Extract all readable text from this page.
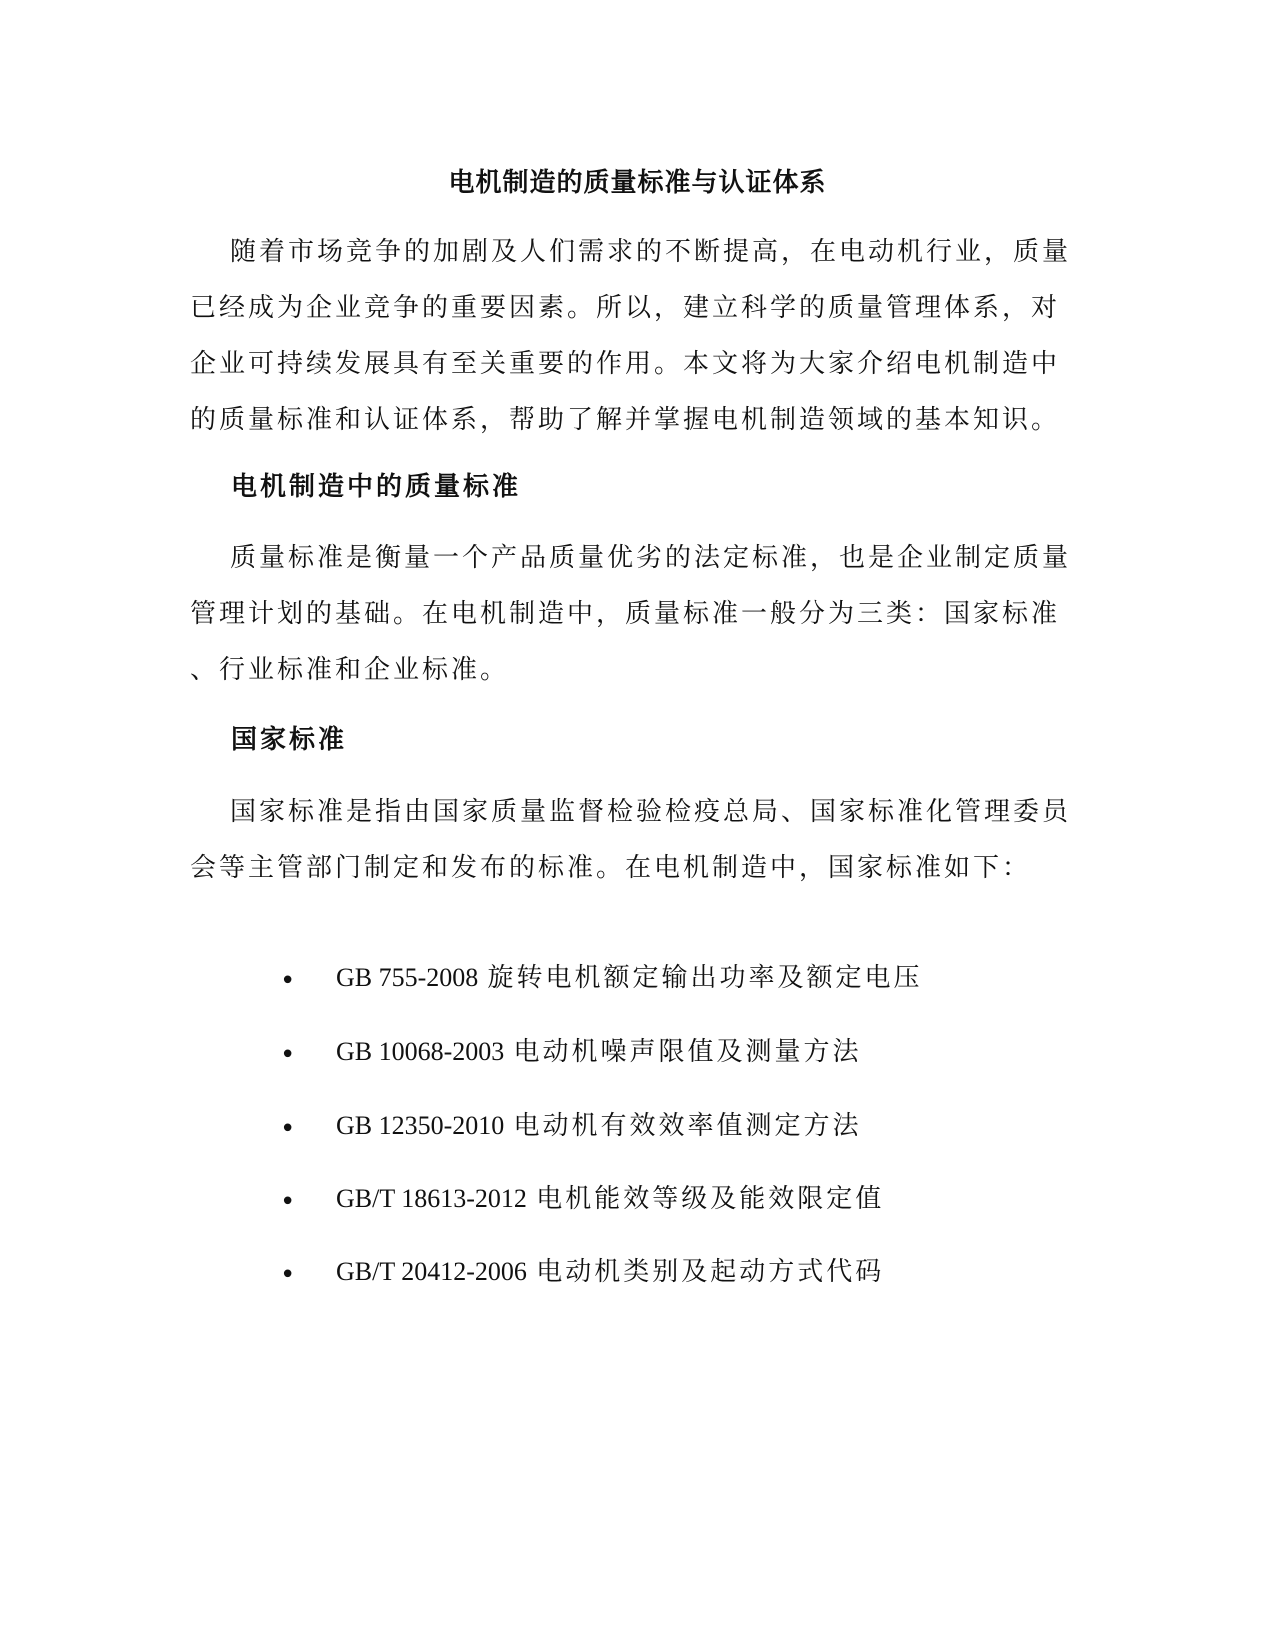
电机制造的质量标准与认证体系

随着市场竞争的加剧及人们需求的不断提高，在电动机行业，质量
已经成为企业竞争的重要因素。所以，建立科学的质量管理体系，对
企业可持续发展具有至关重要的作用。本文将为大家介绍电机制造中
的质量标准和认证体系，帮助了解并掌握电机制造领域的基本知识。

电机制造中的质量标准

质量标准是衡量一个产品质量优劣的法定标准，也是企业制定质量
管理计划的基础。在电机制造中，质量标准一般分为三类：国家标准
、行业标准和企业标准。

国家标准

国家标准是指由国家质量监督检验检疫总局、国家标准化管理委员
会等主管部门制定和发布的标准。在电机制造中，国家标准如下：

• GB 755-2008 旋转电机额定输出功率及额定电压
• GB 10068-2003 电动机噪声限值及测量方法
• GB 12350-2010 电动机有效效率值测定方法
• GB/T 18613-2012 电机能效等级及能效限定值
• GB/T 20412-2006 电动机类别及起动方式代码
